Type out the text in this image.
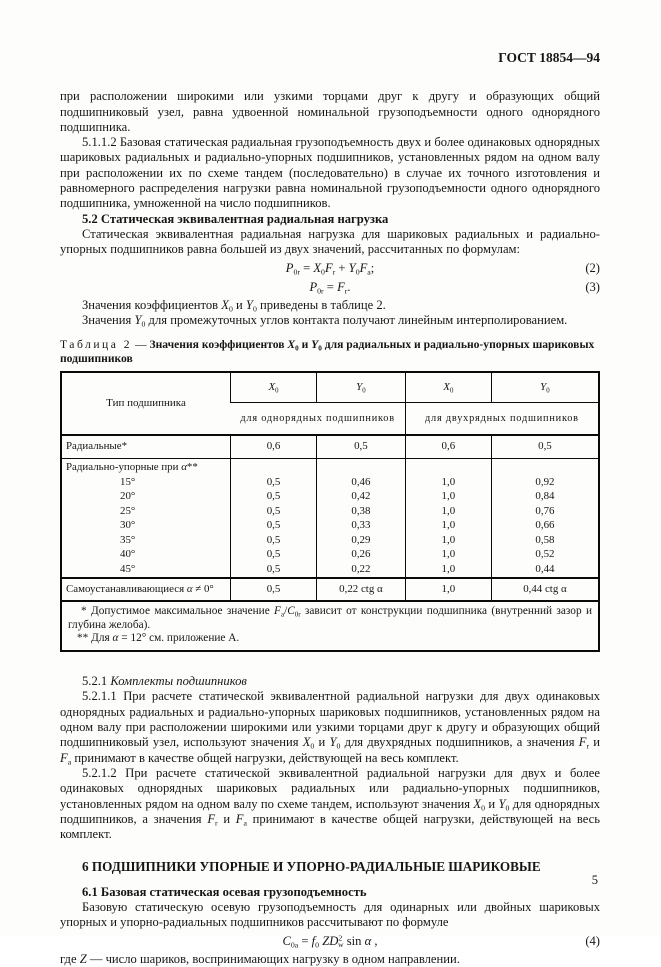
ГОСТ 18854—94

при расположении широкими или узкими торцами друг к другу и образующих общий подшипниковый узел, равна удвоенной номинальной грузоподъемности одного однорядного подшипника.

5.1.1.2 Базовая статическая радиальная грузоподъемность двух и более одинаковых однорядных шариковых радиальных и радиально-упорных подшипников, установленных рядом на одном валу при расположении их по схеме тандем (последовательно) в случае их точного изготовления и равномерного распределения нагрузки равна номинальной грузоподъемности одного однорядного подшипника, умноженной на число подшипников.

5.2 Статическая эквивалентная радиальная нагрузка

Статическая эквивалентная радиальная нагрузка для шариковых радиальных и радиально-упорных подшипников равна большей из двух значений, рассчитанных по формулам:

$P_{0r} = X_0F_r + Y_0F_a$;	(2)
$P_{0r} = F_r$.	(3)

Значения коэффициентов $X_0$ и $Y_0$ приведены в таблице 2.

Значения $Y_0$ для промежуточных углов контакта получают линейным интерполированием.

Таблица 2 — Значения коэффициентов $X_0$ и $Y_0$ для радиальных и радиально-упорных шариковых подшипников

Тип подшипника	$X_0$	$Y_0$	$X_0$	$Y_0$
	для однорядных подшипников		для двухрядных подшипников	
Радиальные*	0,6	0,5	0,6	0,5
Радиально-упорные при α**				
15°	0,5	0,46	1,0	0,92
20°	0,5	0,42	1,0	0,84
25°	0,5	0,38	1,0	0,76
30°	0,5	0,33	1,0	0,66
35°	0,5	0,29	1,0	0,58
40°	0,5	0,26	1,0	0,52
45°	0,5	0,22	1,0	0,44
Самоустанавливающиеся α ≠ 0°	0,5	0,22 ctg α	1,0	0,44 ctg α

* Допустимое максимальное значение $F_a/C_{0r}$ зависит от конструкции подшипника (внутренний зазор и глубина желоба).

** Для α = 12° см. приложение А.				

5.2.1 Комплекты подшипников

5.2.1.1 При расчете статической эквивалентной радиальной нагрузки для двух одинаковых однорядных радиальных и радиально-упорных шариковых подшипников, установленных рядом на одном валу при расположении широкими или узкими торцами друг к другу и образующих общий подшипниковый узел, используют значения $X_0$ и $Y_0$ для двухрядных подшипников, а значения $F_r$ и $F_a$ принимают в качестве общей нагрузки, действующей на весь комплект.

5.2.1.2 При расчете статической эквивалентной радиальной нагрузки для двух и более одинаковых однорядных шариковых радиальных или радиально-упорных подшипников, установленных рядом на одном валу по схеме тандем, используют значения $X_0$ и $Y_0$ для однорядных подшипников, а значения $F_r$ и $F_a$ принимают в качестве общей нагрузки, действующей на весь комплект.

6 ПОДШИПНИКИ УПОРНЫЕ И УПОРНО-РАДИАЛЬНЫЕ ШАРИКОВЫЕ

6.1 Базовая статическая осевая грузоподъемность

Базовую статическую осевую грузоподъемность для одинарных или двойных шариковых упорных и упорно-радиальных подшипников рассчитывают по формуле

$C_{0a} = f_0$ $ZD^2_w$ sin α ,	(4)

где Z — число шариков, воспринимающих нагрузку в одном направлении.

5
